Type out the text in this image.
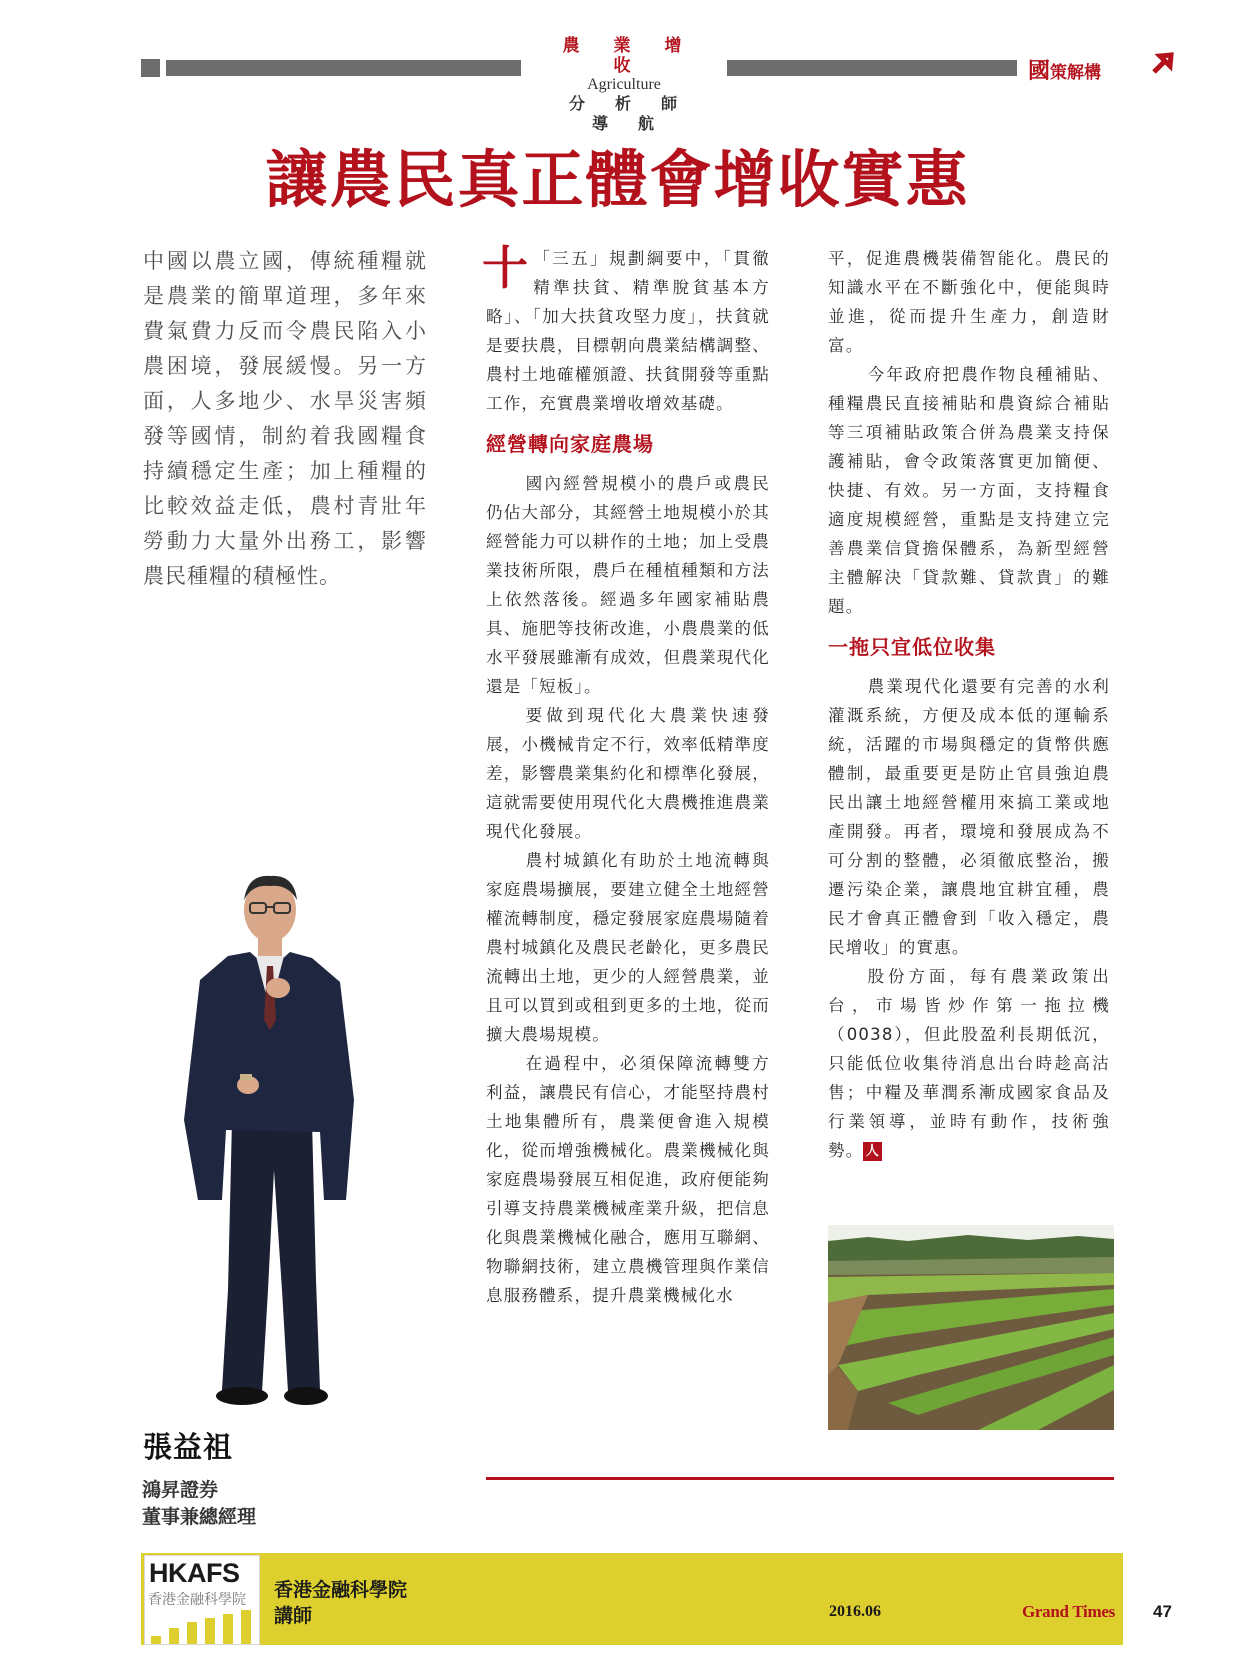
農業增收
Agriculture
分析師導航
國策解構
讓農民真正體會增收實惠
中國以農立國，傳統種糧就是農業的簡單道理，多年來費氣費力反而令農民陷入小農困境，發展緩慢。另一方面，人多地少、水旱災害頻發等國情，制約着我國糧食持續穩定生產；加上種糧的比較效益走低，農村青壯年勞動力大量外出務工，影響農民種糧的積極性。

「
十 三五」規劃綱要中，「貫徹精準扶貧、精準脫貧基本方略」、「加大扶貧攻堅力度」，扶貧就是要扶農，目標朝向農業結構調整、農村土地確權頒證、扶貧開發等重點工作，充實農業增收增效基礎。

經營轉向家庭農場

國內經營規模小的農戶或農民仍佔大部分，其經營土地規模小於其經營能力可以耕作的土地；加上受農業技術所限，農戶在種植種類和方法上依然落後。經過多年國家補貼農具、施肥等技術改進，小農農業的低水平發展雖漸有成效，但農業現代化還是「短板」。

要做到現代化大農業快速發展，小機械肯定不行，效率低精準度差，影響農業集約化和標準化發展，這就需要使用現代化大農機推進農業現代化發展。

農村城鎮化有助於土地流轉與家庭農場擴展，要建立健全土地經營權流轉制度，穩定發展家庭農場隨着農村城鎮化及農民老齡化，更多農民流轉出土地，更少的人經營農業，並且可以買到或租到更多的土地，從而擴大農場規模。

在過程中，必須保障流轉雙方利益，讓農民有信心，才能堅持農村土地集體所有，農業便會進入規模化，從而增強機械化。農業機械化與家庭農場發展互相促進，政府便能夠引導支持農業機械產業升級，把信息化與農業機械化融合，應用互聯網、物聯網技術，建立農機管理與作業信息服務體系，提升農業機械化水

平，促進農機裝備智能化。農民的知識水平在不斷強化中，便能與時並進，從而提升生產力，創造財富。

今年政府把農作物良種補貼、種糧農民直接補貼和農資綜合補貼等三項補貼政策合併為農業支持保護補貼，會令政策落實更加簡便、快捷、有效。另一方面，支持糧食適度規模經營，重點是支持建立完善農業信貸擔保體系，為新型經營主體解決「貸款難、貸款貴」的難題。

一拖只宜低位收集

農業現代化還要有完善的水利灌溉系統，方便及成本低的運輸系統，活躍的市場與穩定的貨幣供應體制，最重要更是防止官員強迫農民出讓土地經營權用來搞工業或地產開發。再者，環境和發展成為不可分割的整體，必須徹底整治，搬遷污染企業，讓農地宜耕宜種，農民才會真正體會到「收入穩定，農民增收」的實惠。

股份方面，每有農業政策出台，市場皆炒作第一拖拉機（0038），但此股盈利長期低沉，只能低位收集待消息出台時趁高沽售；中糧及華潤系漸成國家食品及行業領導，並時有動作，技術強勢。 人

張益祖
鴻昇證券
董事兼總經理
HKAFS
香港金融科學院 香港金融科學院
講師	2016.06	Grand Times 47
